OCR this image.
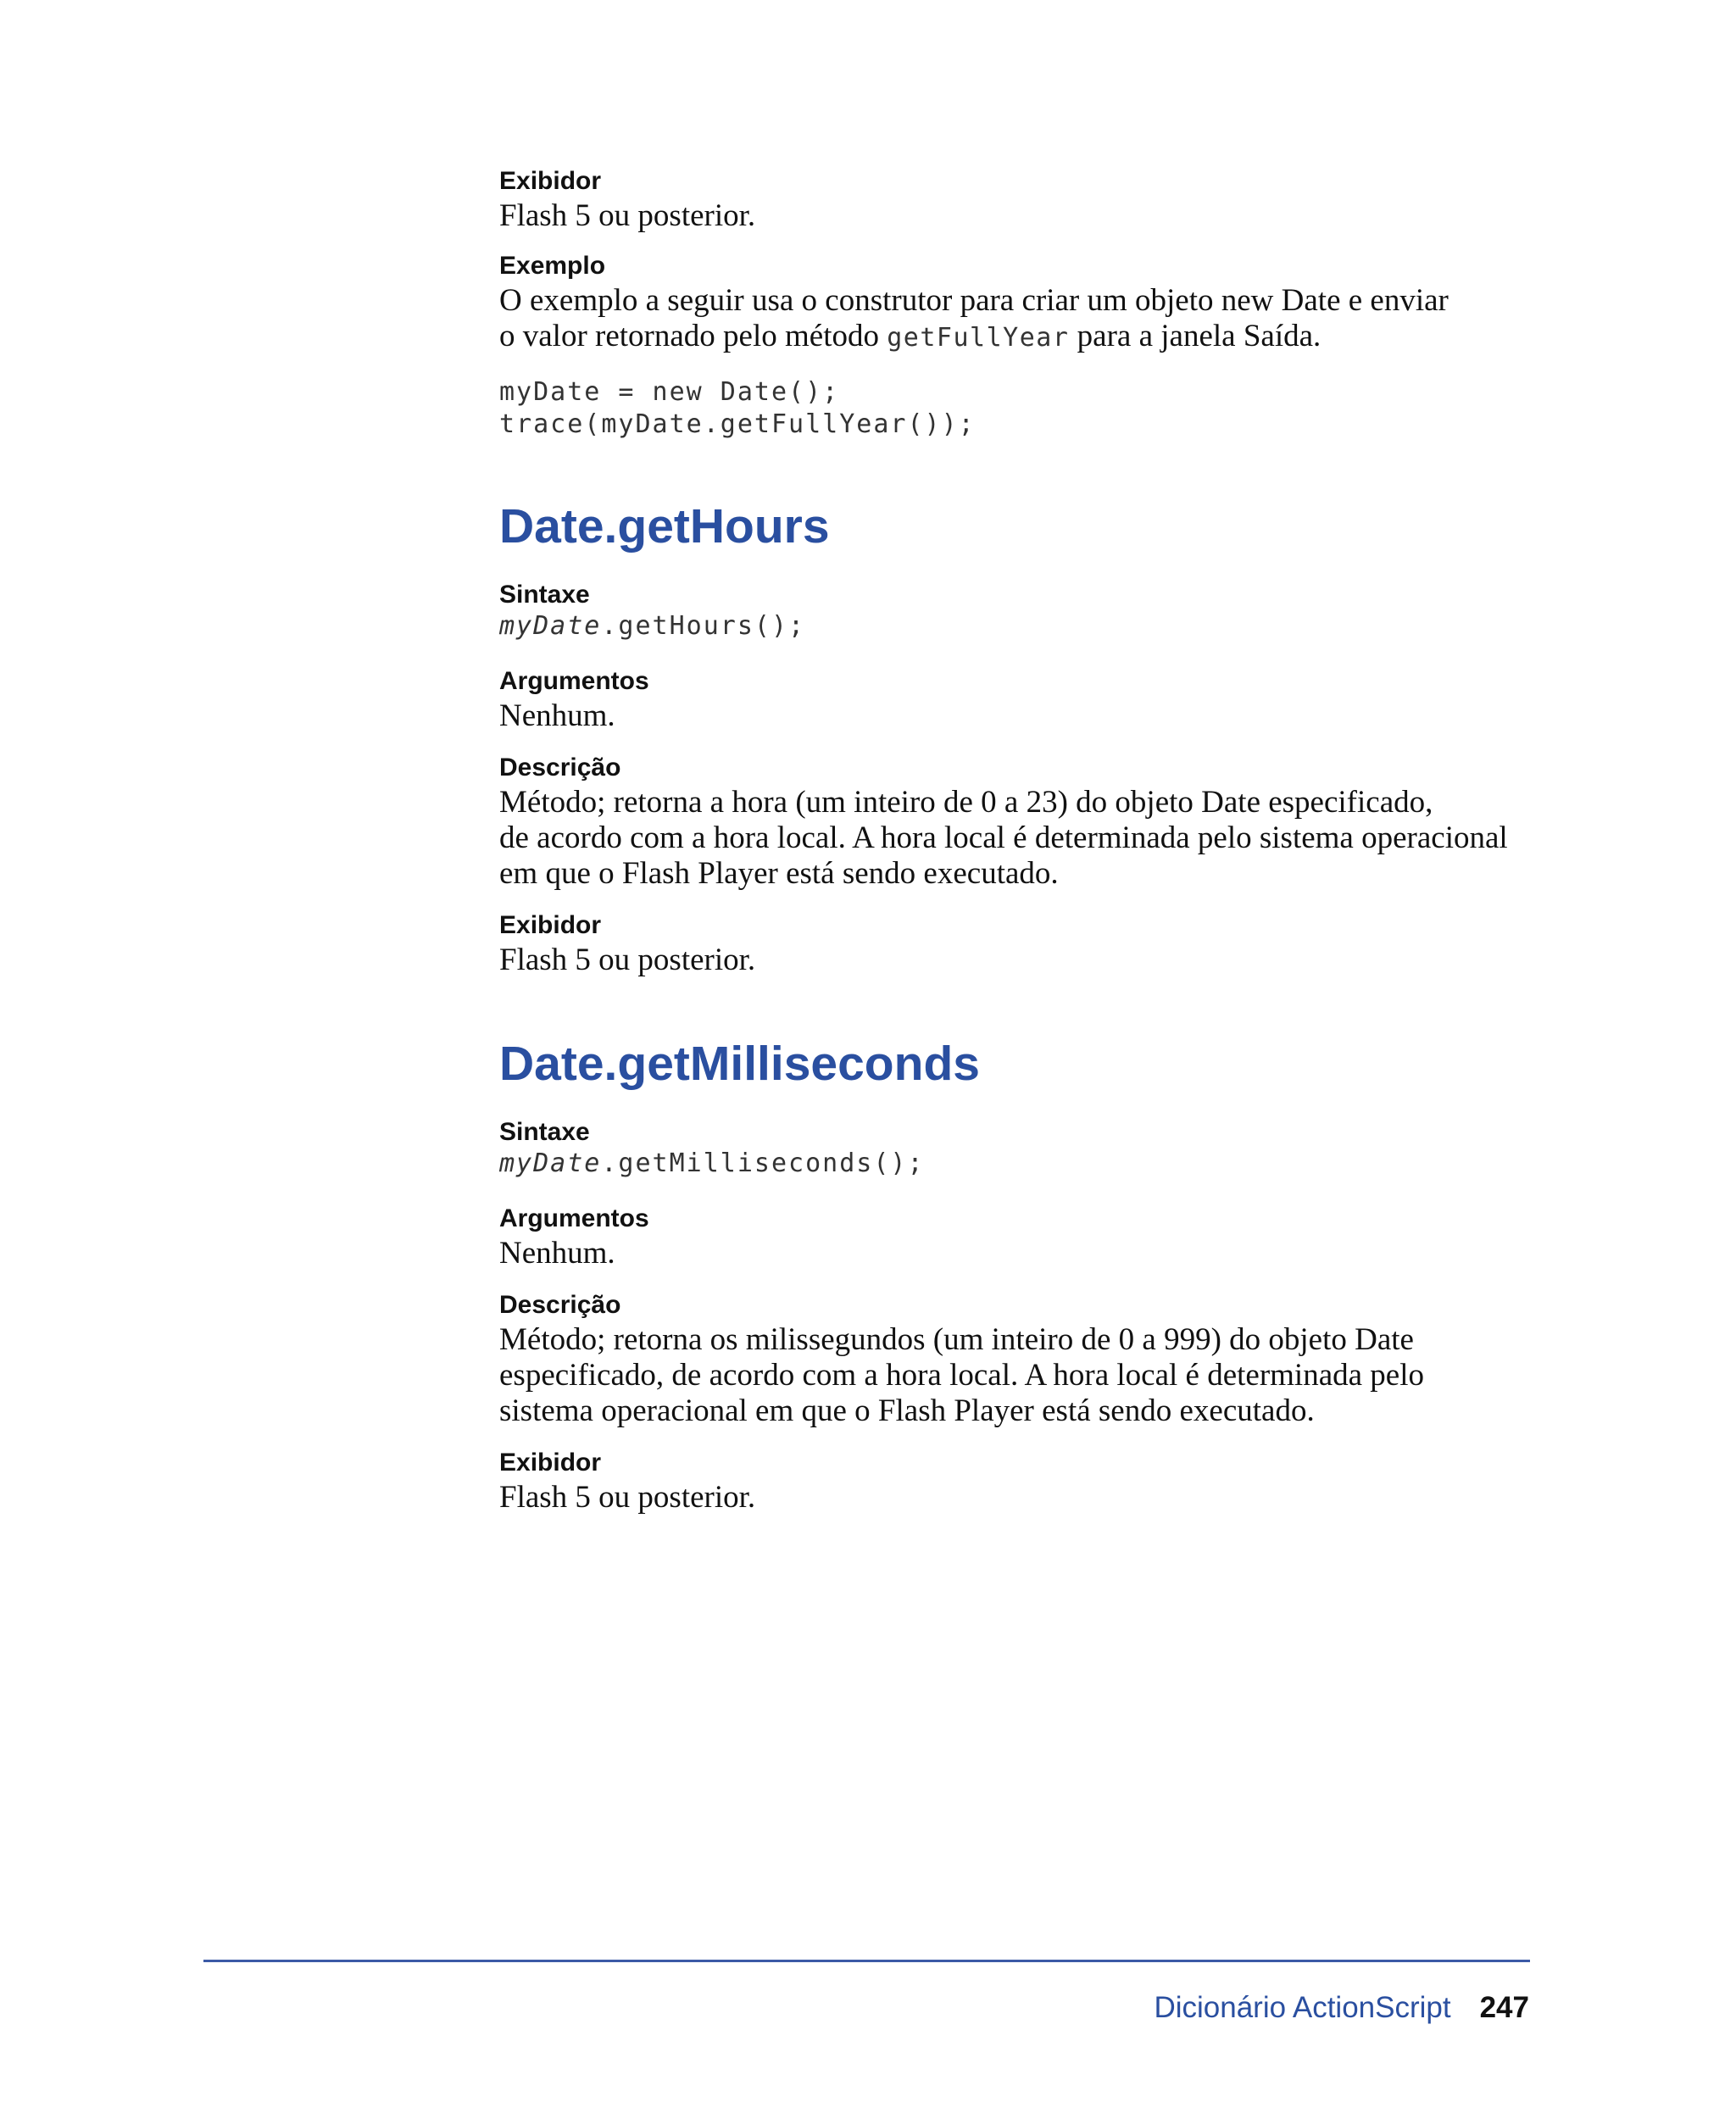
Exibidor

Flash 5 ou posterior.

Exemplo

O exemplo a seguir usa o construtor para criar um objeto new Date e enviar
o valor retornado pelo método getFullYear para a janela Saída.

myDate = new Date();
trace(myDate.getFullYear());
Date.getHours

Sintaxe

myDate.getHours();

Argumentos

Nenhum.

Descrição

Método; retorna a hora (um inteiro de 0 a 23) do objeto Date especificado,
de acordo com a hora local. A hora local é determinada pelo sistema operacional
em que o Flash Player está sendo executado.

Exibidor

Flash 5 ou posterior.

Date.getMilliseconds

Sintaxe

myDate.getMilliseconds();

Argumentos

Nenhum.

Descrição

Método; retorna os milissegundos (um inteiro de 0 a 999) do objeto Date
especificado, de acordo com a hora local. A hora local é determinada pelo
sistema operacional em que o Flash Player está sendo executado.

Exibidor

Flash 5 ou posterior.

Dicionário ActionScript 247
